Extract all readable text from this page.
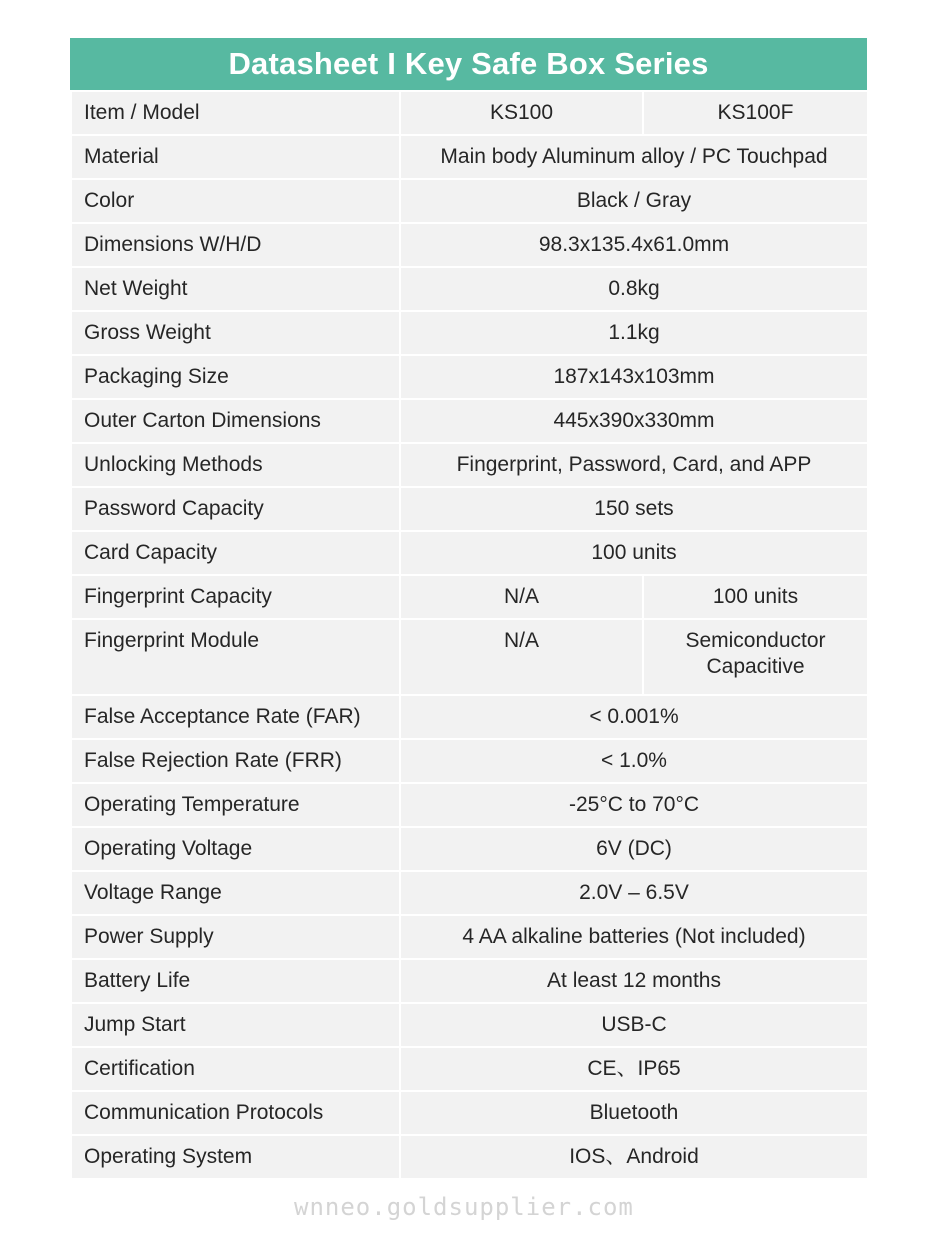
Datasheet I Key Safe Box Series
Item / Model	KS100	KS100F
Material	Main body Aluminum alloy / PC Touchpad	
Color	Black / Gray	
Dimensions W/H/D	98.3x135.4x61.0mm	
Net Weight	0.8kg	
Gross Weight	1.1kg	
Packaging Size	187x143x103mm	
Outer Carton Dimensions	445x390x330mm	
Unlocking Methods	Fingerprint, Password, Card, and APP	
Password Capacity	150 sets	
Card Capacity	100 units	
Fingerprint Capacity	N/A	100 units
Fingerprint Module	N/A	Semiconductor
Capacitive

False Acceptance Rate (FAR)	< 0.001%	
False Rejection Rate (FRR)	< 1.0%	
Operating Temperature	-25°C to 70°C	
Operating Voltage	6V (DC)	
Voltage Range	2.0V – 6.5V	
Power Supply	4 AA alkaline batteries (Not included)	
Battery Life	At least 12 months	
Jump Start	USB-C	
Certification	CE、IP65	
Communication Protocols	Bluetooth	
Operating System	IOS、Android	
wnneo.goldsupplier.com
